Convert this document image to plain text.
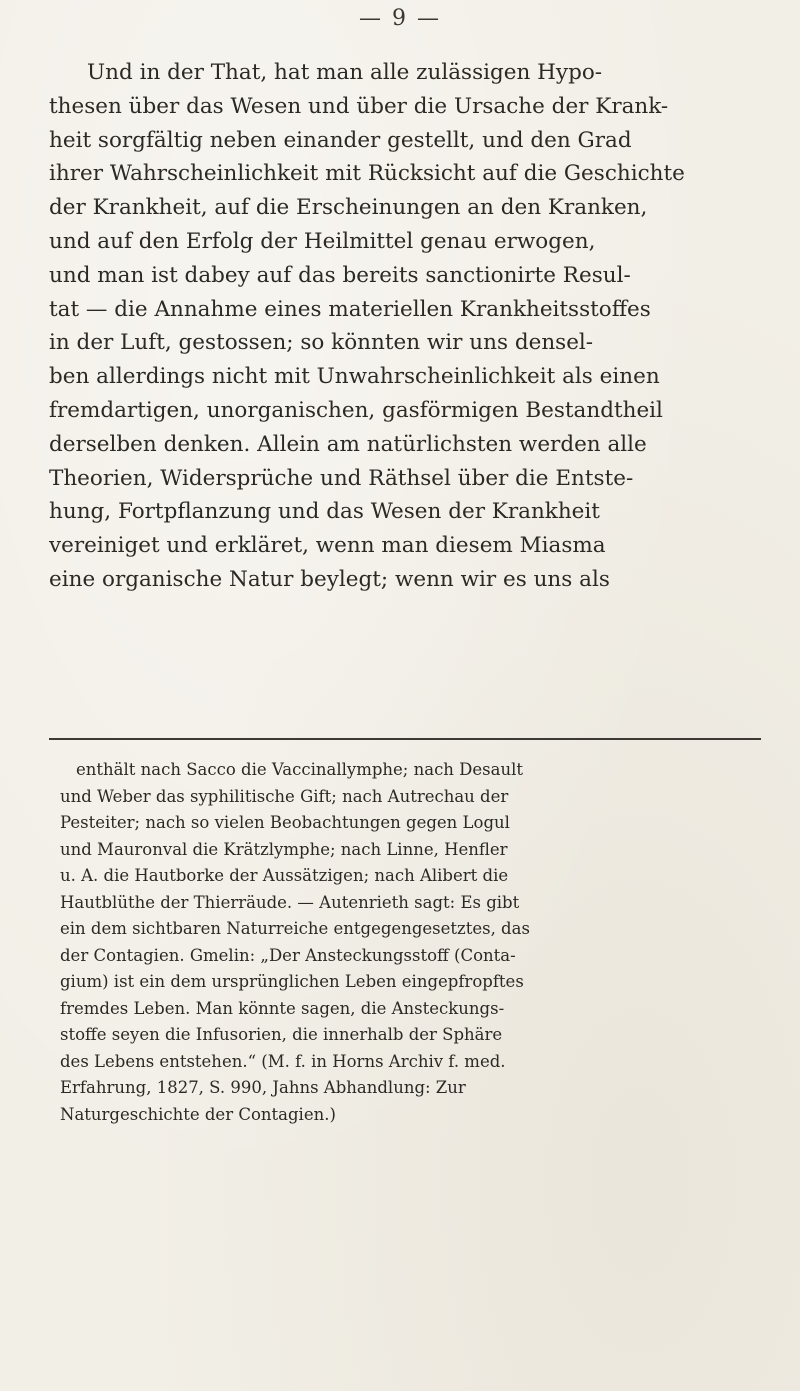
— 9 —
Und in der That, hat man alle zulässigen Hypo-
thesen über das Wesen und über die Ursache der Krank-
heit sorgfältig neben einander gestellt, und den Grad
ihrer Wahrscheinlichkeit mit Rücksicht auf die Geschichte
der Krankheit, auf die Erscheinungen an den Kranken,
und auf den Erfolg der Heilmittel genau erwogen,
und man ist dabey auf das bereits sanctionirte Resul-
tat — die Annahme eines materiellen Krankheitsstoffes
in der Luft, gestossen; so könnten wir uns densel-
ben allerdings nicht mit Unwahrscheinlichkeit als einen
fremdartigen, unorganischen, gasförmigen Bestandtheil
derselben denken. Allein am natürlichsten werden alle
Theorien, Widersprüche und Räthsel über die Entste-
hung, Fortpflanzung und das Wesen der Krankheit
vereiniget und erkläret, wenn man diesem Miasma
eine organische Natur beylegt; wenn wir es uns als
enthält nach Sacco die Vaccinallymphe; nach Desault
und Weber das syphilitische Gift; nach Autrechau der
Pesteiter; nach so vielen Beobachtungen gegen Logul
und Mauronval die Krätzlymphe; nach Linne, Henfler
u. A. die Hautborke der Aussätzigen; nach Alibert die
Hautblüthe der Thierräude. — Autenrieth sagt: Es gibt
ein dem sichtbaren Naturreiche entgegengesetztes, das
der Contagien. Gmelin: „Der Ansteckungsstoff (Conta-
gium) ist ein dem ursprünglichen Leben eingepfropftes
fremdes Leben. Man könnte sagen, die Ansteckungs-
stoffe seyen die Infusorien, die innerhalb der Sphäre
des Lebens entstehen.“ (M. f. in Horns Archiv f. med.
Erfahrung, 1827, S. 990, Jahns Abhandlung: Zur
Naturgeschichte der Contagien.)
